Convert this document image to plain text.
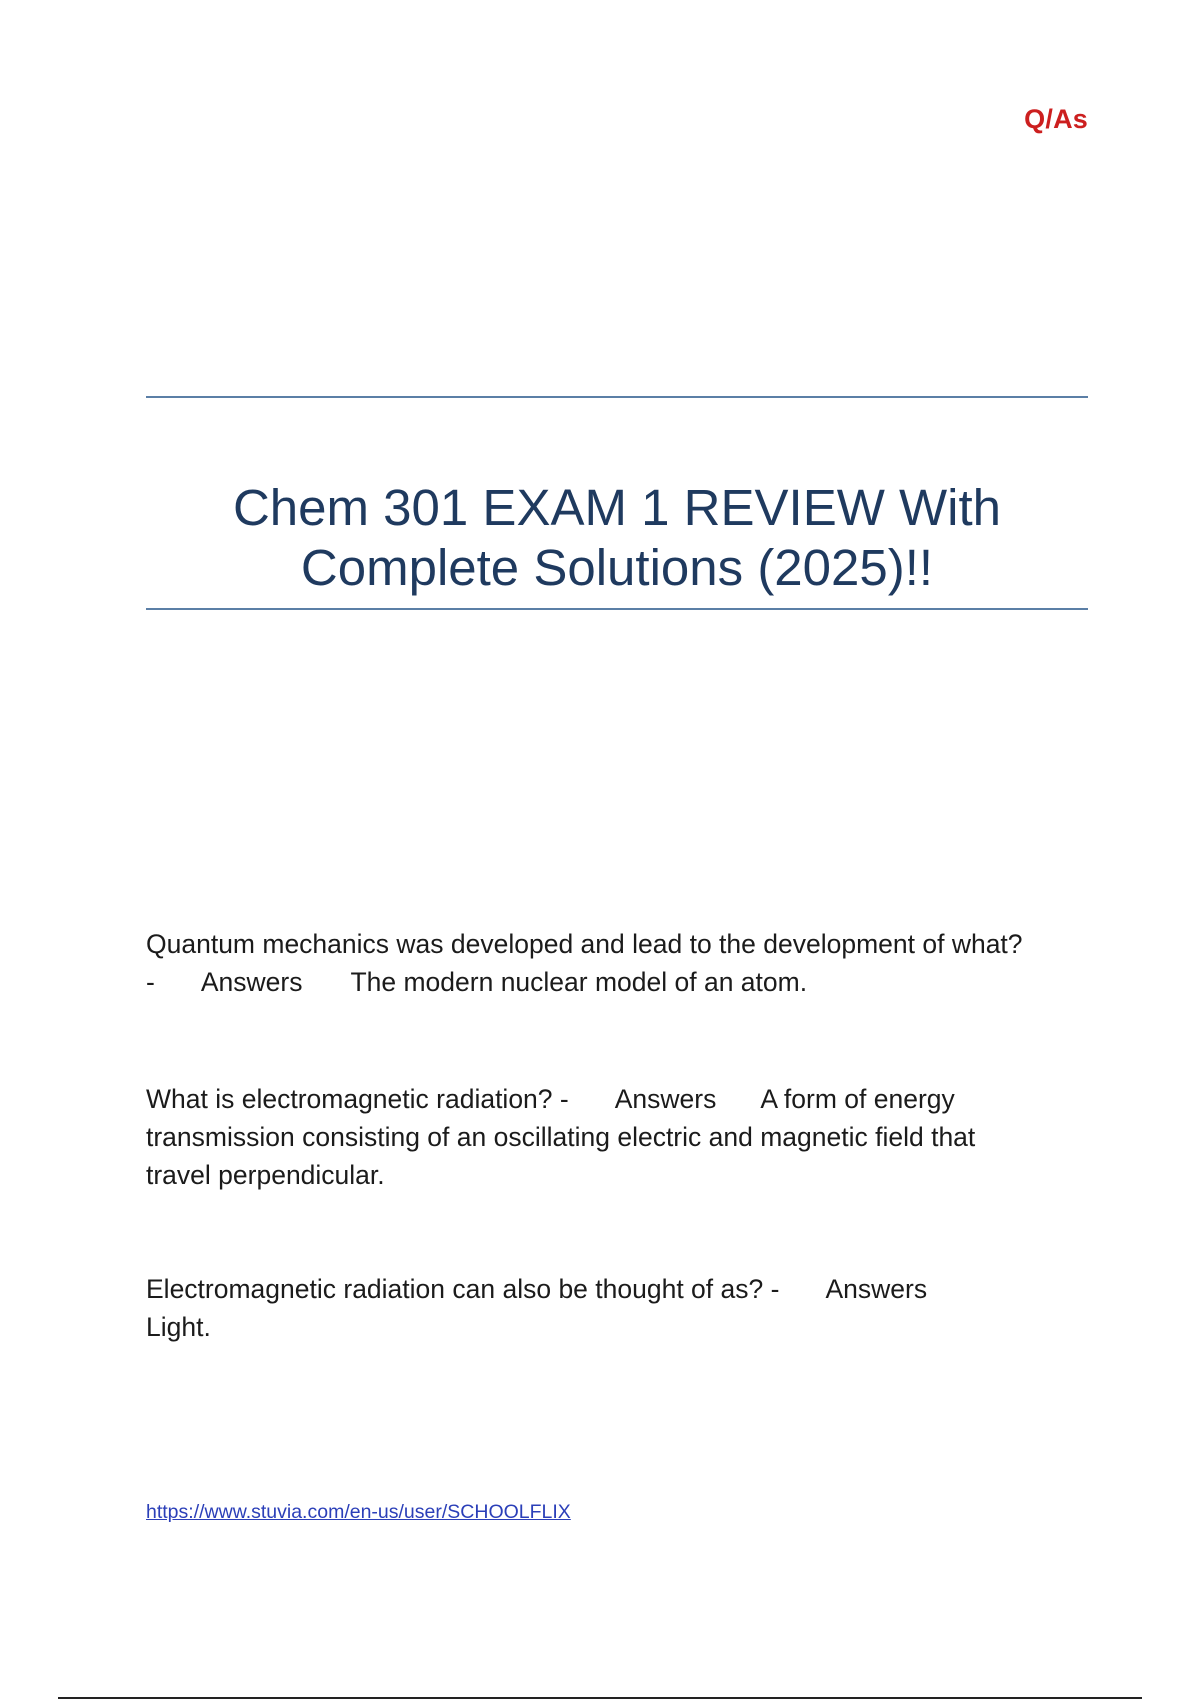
Q/As
Chem 301 EXAM 1 REVIEW With
Complete Solutions (2025)!!
Quantum mechanics was developed and lead to the development of what?
- Answers The modern nuclear model of an atom.
What is electromagnetic radiation? - Answers A form of energy
transmission consisting of an oscillating electric and magnetic field that
travel perpendicular.
Electromagnetic radiation can also be thought of as? - Answers
Light.
https://www.stuvia.com/en-us/user/SCHOOLFLIX
